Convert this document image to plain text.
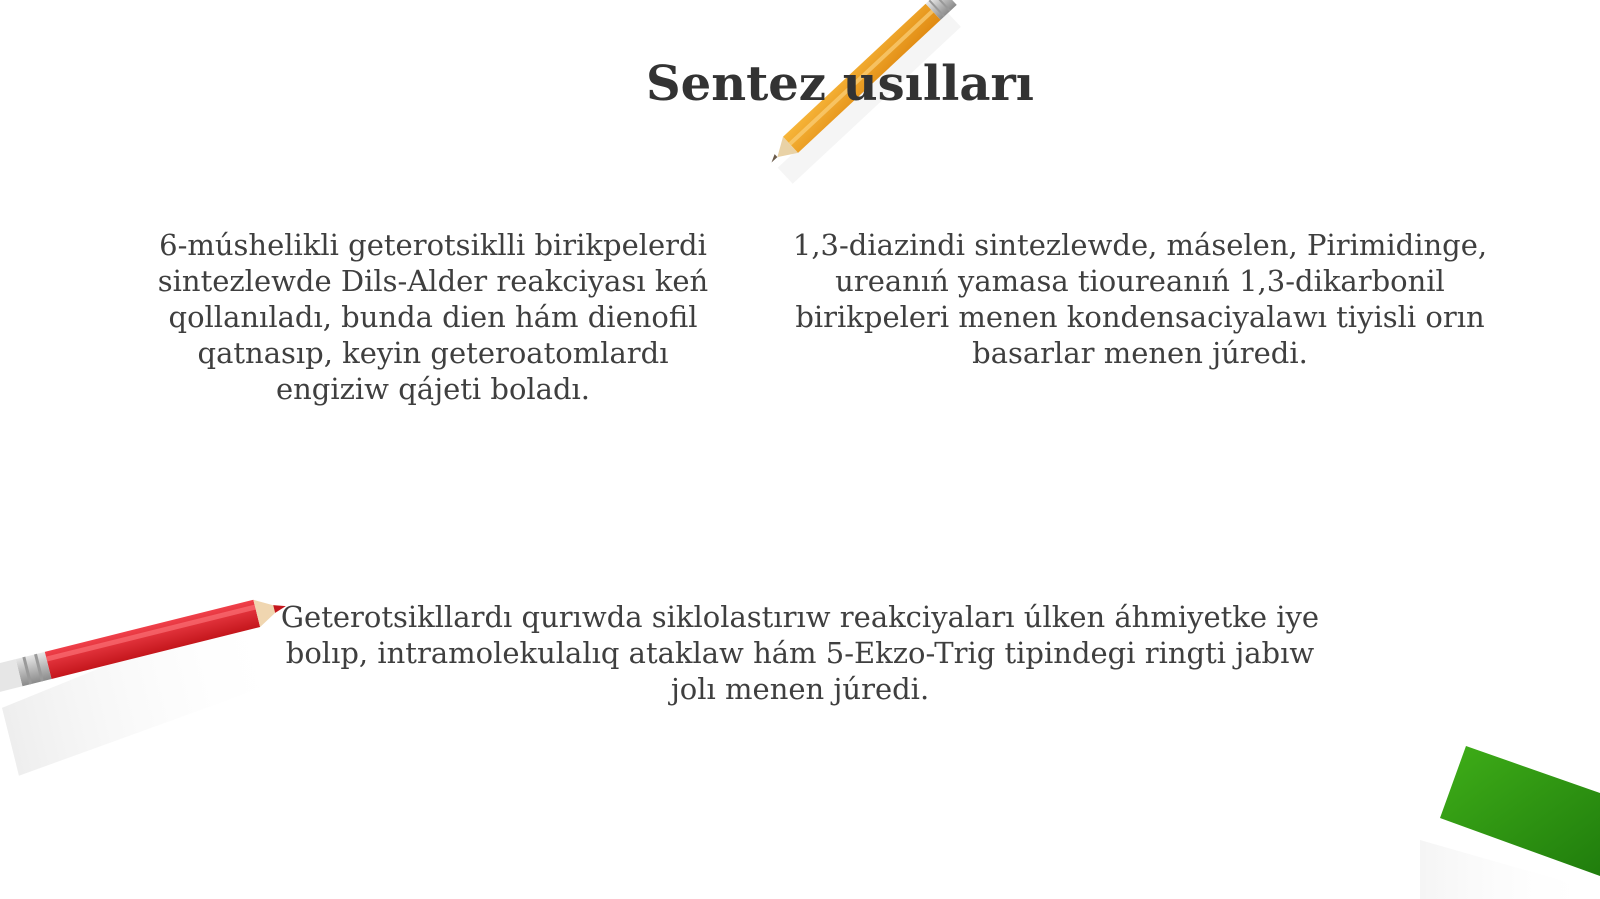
Sentez usılları

6-múshelikli geterotsiklli birikpelerdi sintezlewde Dils-Alder reakciyası keń qollanıladı, bunda dien hám dienofil qatnasıp, keyin geteroatomlardı engiziw qájeti boladı.

1,3-diazindi sintezlewde, máselen, Pirimidinge, ureanıń yamasa tioureanıń 1,3-dikarbonil birikpeleri menen kondensaciyalawı tiyisli orın basarlar menen júredi.

Geterotsikllardı qurıwda siklolastırıw reakciyaları úlken áhmiyetke iye bolıp, intramolekulalıq ataklaw hám 5-Ekzo-Trig tipindegi ringti jabıw jolı menen júredi.
